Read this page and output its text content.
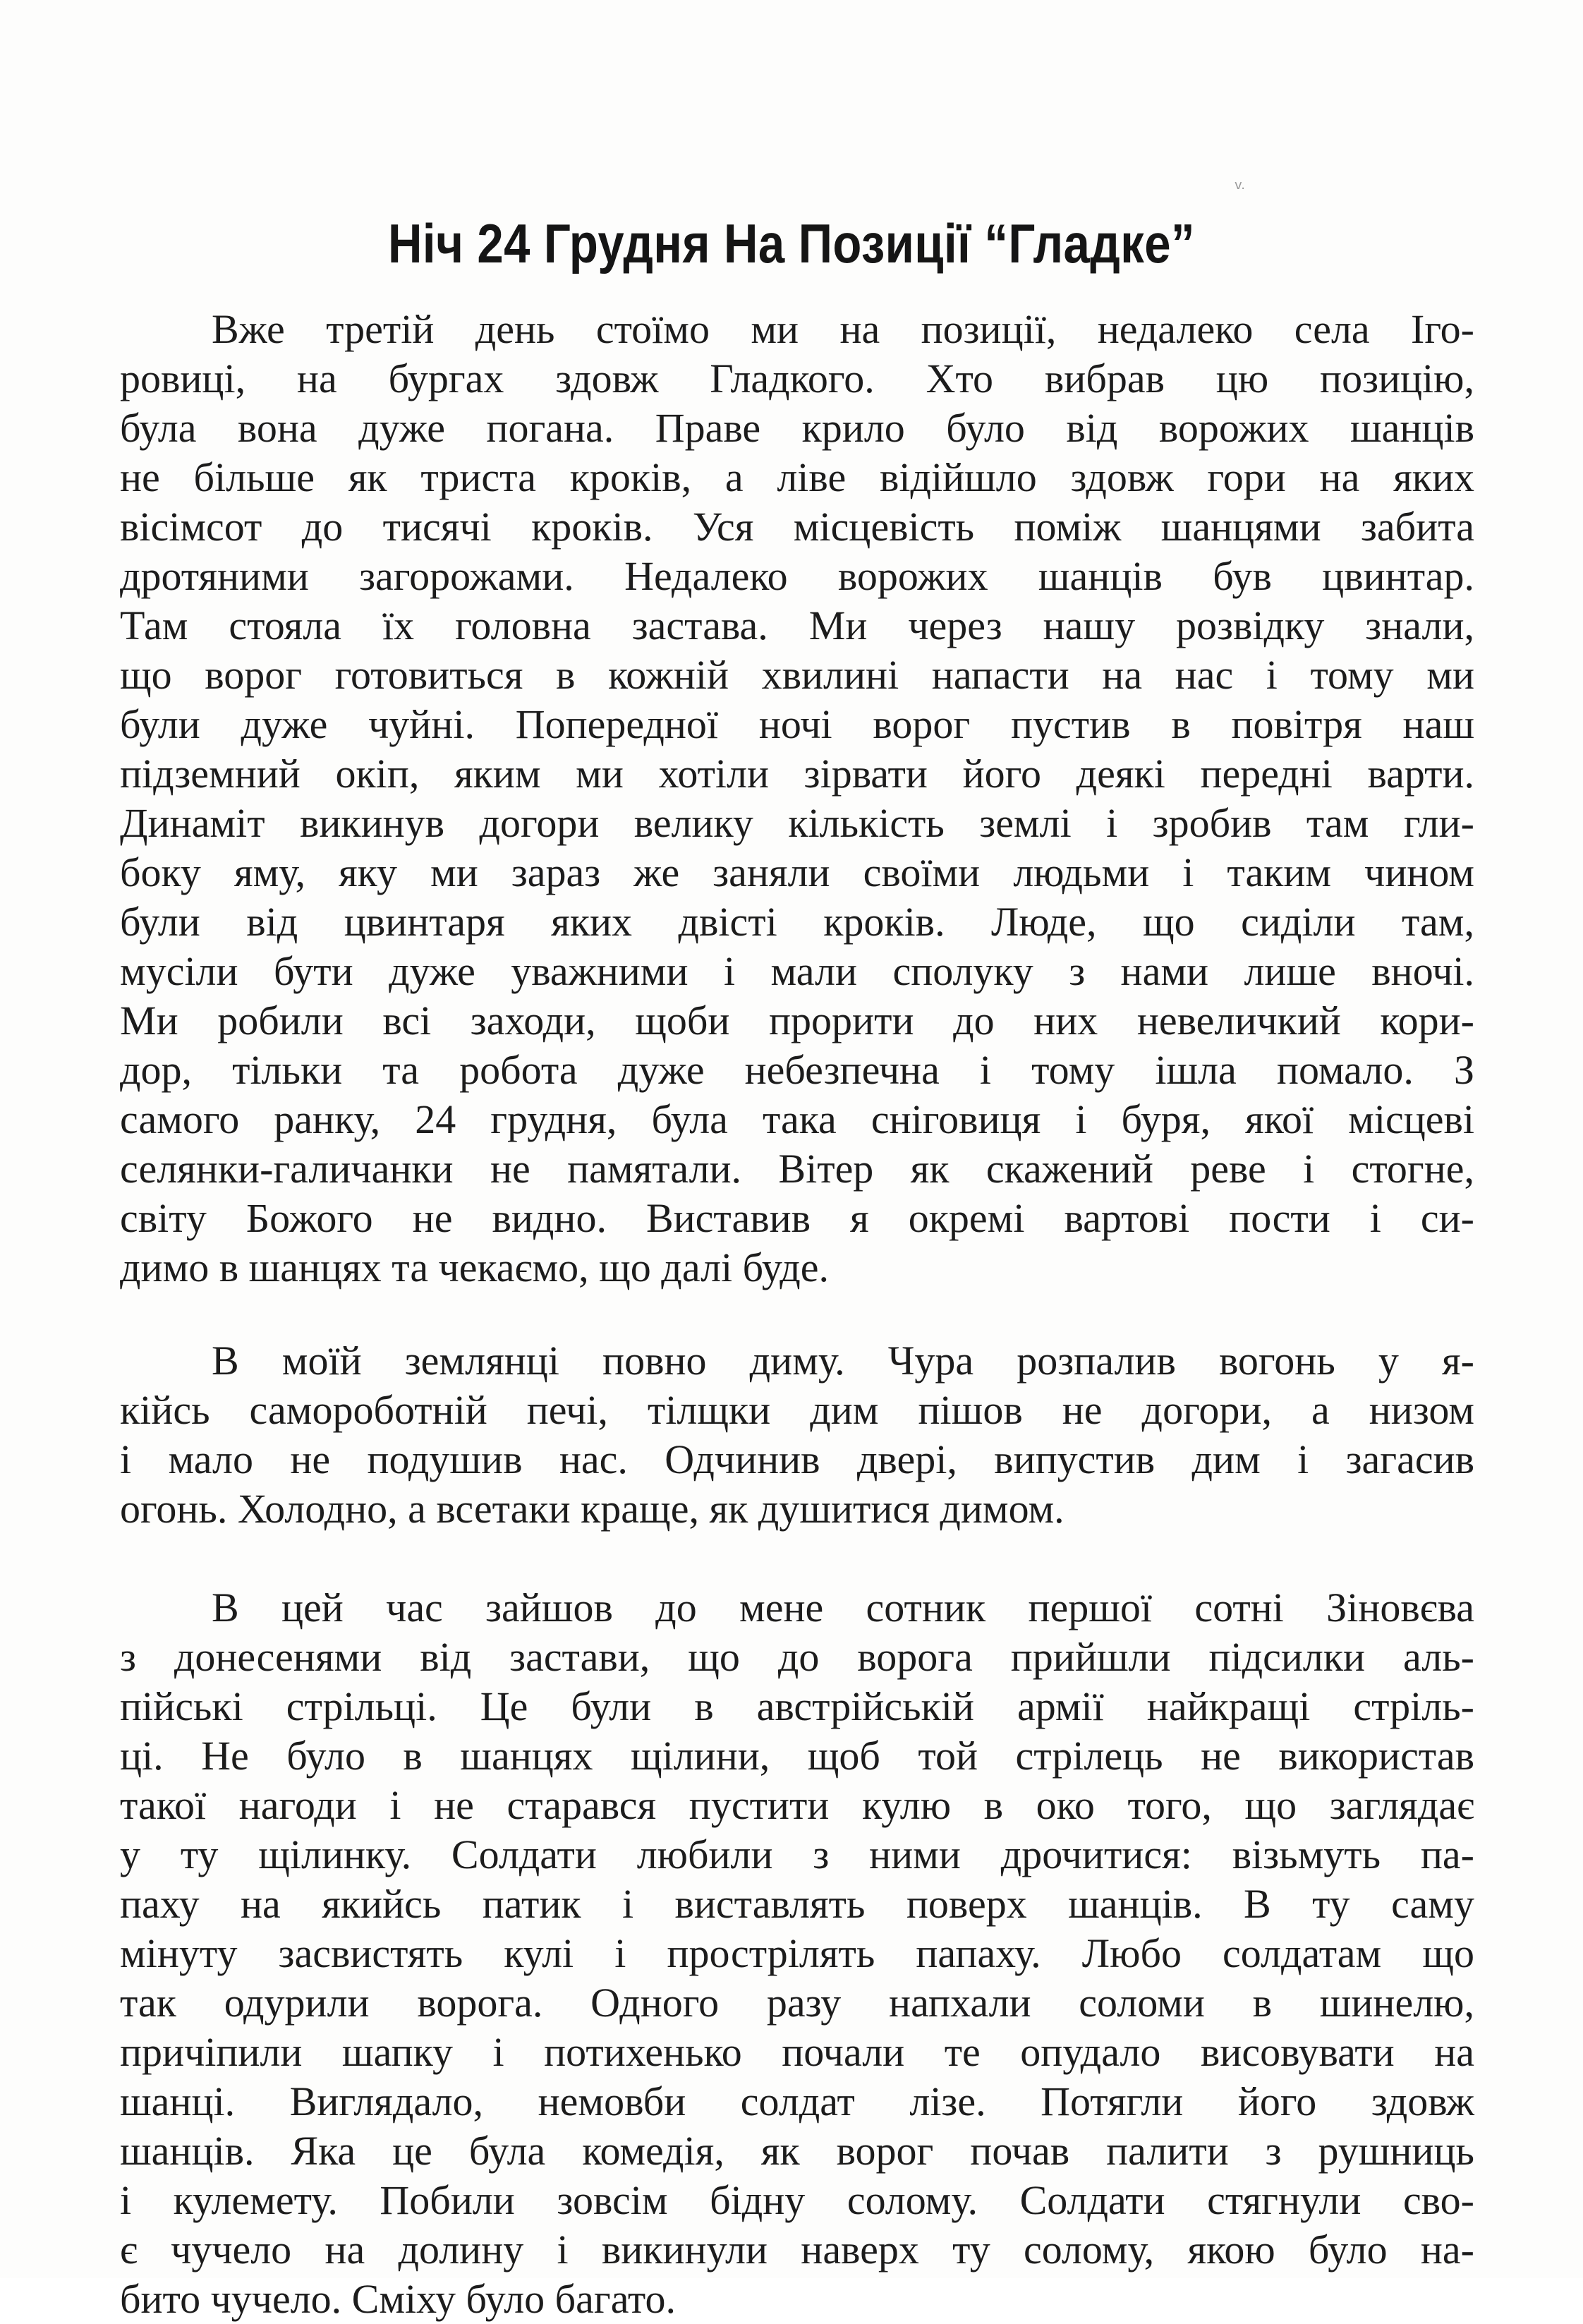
v.
Ніч 24 Грудня На Позиції “Гладке”
Вже третій день стоїмо ми на позиції, недалеко села Іго-
ровиці, на бургах здовж Гладкого. Хто вибрав цю позицію,
була вона дуже погана. Праве крило було від ворожих шанців
не більше як триста кроків, а ліве відійшло здовж гори на яких
вісімсот до тисячі кроків. Уся місцевість поміж шанцями забита
дротяними загорожами. Недалеко ворожих шанців був цвинтар.
Там стояла їх головна застава. Ми через нашу розвідку знали,
що ворог готовиться в кожній хвилині напасти на нас і тому ми
були дуже чуйні. Попередної ночі ворог пустив в повітря наш
підземний окіп, яким ми хотіли зірвати його деякі передні варти.
Динаміт викинув догори велику кількість землі і зробив там гли-
боку яму, яку ми зараз же заняли своїми людьми і таким чином
були від цвинтаря яких двісті кроків. Люде, що сиділи там,
мусіли бути дуже уважними і мали сполуку з нами лише вночі.
Ми робили всі заходи, щоби прорити до них невеличкий кори-
дор, тільки та робота дуже небезпечна і тому ішла помало. З
самого ранку, 24 грудня, була така сніговиця і буря, якої місцеві
селянки-галичанки не памятали. Вітер як скажений реве і стогне,
світу Божого не видно. Виставив я окремі вартові пости і си-
димо в шанцях та чекаємо, що далі буде.
В моїй землянці повно диму. Чура розпалив вогонь у я-
кійсь самороботній печі, тілщки дим пішов не догори, а низом
і мало не подушив нас. Одчинив двері, випустив дим і загасив
огонь. Холодно, а всетаки краще, як душитися димом.
В цей час зайшов до мене сотник першої сотні Зіновєва
з донесенями від застави, що до ворога прийшли підсилки аль-
пійські стрільці. Це були в австрійській армії найкращі стріль-
ці. Не було в шанцях щілини, щоб той стрілець не використав
такої нагоди і не старався пустити кулю в око того, що заглядає
у ту щілинку. Солдати любили з ними дрочитися: візьмуть па-
паху на якийсь патик і виставлять поверх шанців. В ту саму
мінуту засвистять кулі і прострілять папаху. Любо солдатам що
так одурили ворога. Одного разу напхали соломи в шинелю,
причіпили шапку і потихенько почали те опудало висовувати на
шанці. Виглядало, немовби солдат лізе. Потягли його здовж
шанців. Яка це була комедія, як ворог почав палити з рушниць
і кулемету. Побили зовсім бідну солому. Солдати стягнули сво-
є чучело на долину і викинули наверх ту солому, якою було на-
бито чучело. Сміху було багато.
